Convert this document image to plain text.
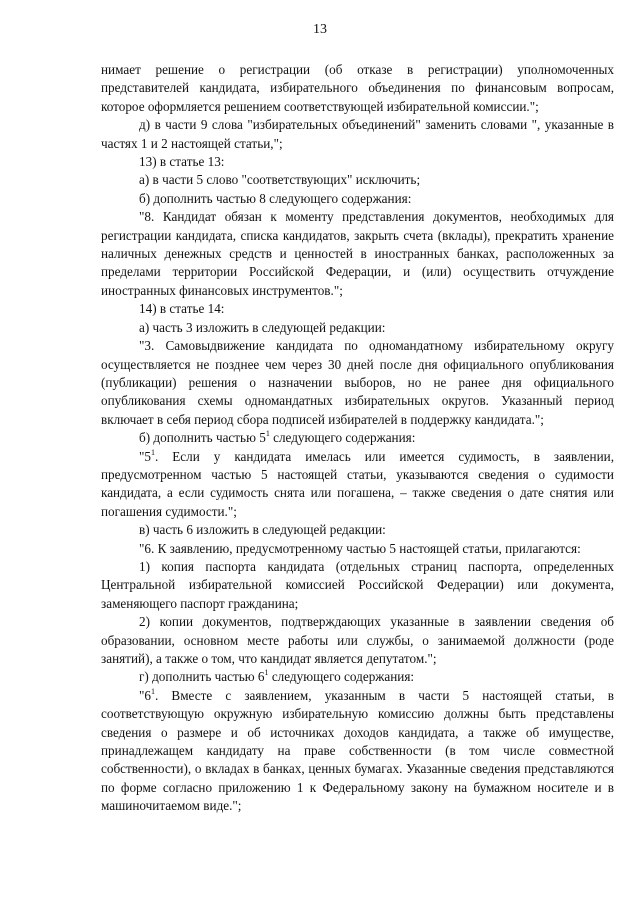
13

нимает решение о регистрации (об отказе в регистрации) уполномоченных представителей кандидата, избирательного объединения по финансовым вопросам, которое оформляется решением соответствующей избирательной комиссии.";

д) в части 9 слова "избирательных объединений" заменить словами ", указанные в частях 1 и 2 настоящей статьи,";

13) в статье 13:

а) в части 5 слово "соответствующих" исключить;

б) дополнить частью 8 следующего содержания:

"8. Кандидат обязан к моменту представления документов, необходимых для регистрации кандидата, списка кандидатов, закрыть счета (вклады), прекратить хранение наличных денежных средств и ценностей в иностранных банках, расположенных за пределами территории Российской Федерации, и (или) осуществить отчуждение иностранных финансовых инструментов.";

14) в статье 14:

а) часть 3 изложить в следующей редакции:

"3. Самовыдвижение кандидата по одномандатному избирательному округу осуществляется не позднее чем через 30 дней после дня официального опубликования (публикации) решения о назначении выборов, но не ранее дня официального опубликования схемы одномандатных избирательных округов. Указанный период включает в себя период сбора подписей избирателей в поддержку кандидата.";

б) дополнить частью $5^1$ следующего содержания:

"$5^1$. Если у кандидата имелась или имеется судимость, в заявлении, предусмотренном частью 5 настоящей статьи, указываются сведения о судимости кандидата, а если судимость снята или погашена, – также сведения о дате снятия или погашения судимости.";

в) часть 6 изложить в следующей редакции:

"6. К заявлению, предусмотренному частью 5 настоящей статьи, прилагаются:

1) копия паспорта кандидата (отдельных страниц паспорта, определенных Центральной избирательной комиссией Российской Федерации) или документа, заменяющего паспорт гражданина;

2) копии документов, подтверждающих указанные в заявлении сведения об образовании, основном месте работы или службы, о занимаемой должности (роде занятий), а также о том, что кандидат является депутатом.";

г) дополнить частью $6^1$ следующего содержания:

"$6^1$. Вместе с заявлением, указанным в части 5 настоящей статьи, в соответствующую окружную избирательную комиссию должны быть представлены сведения о размере и об источниках доходов кандидата, а также об имуществе, принадлежащем кандидату на праве собственности (в том числе совместной собственности), о вкладах в банках, ценных бумагах. Указанные сведения представляются по форме согласно приложению 1 к Федеральному закону на бумажном носителе и в машиночитаемом виде.";
